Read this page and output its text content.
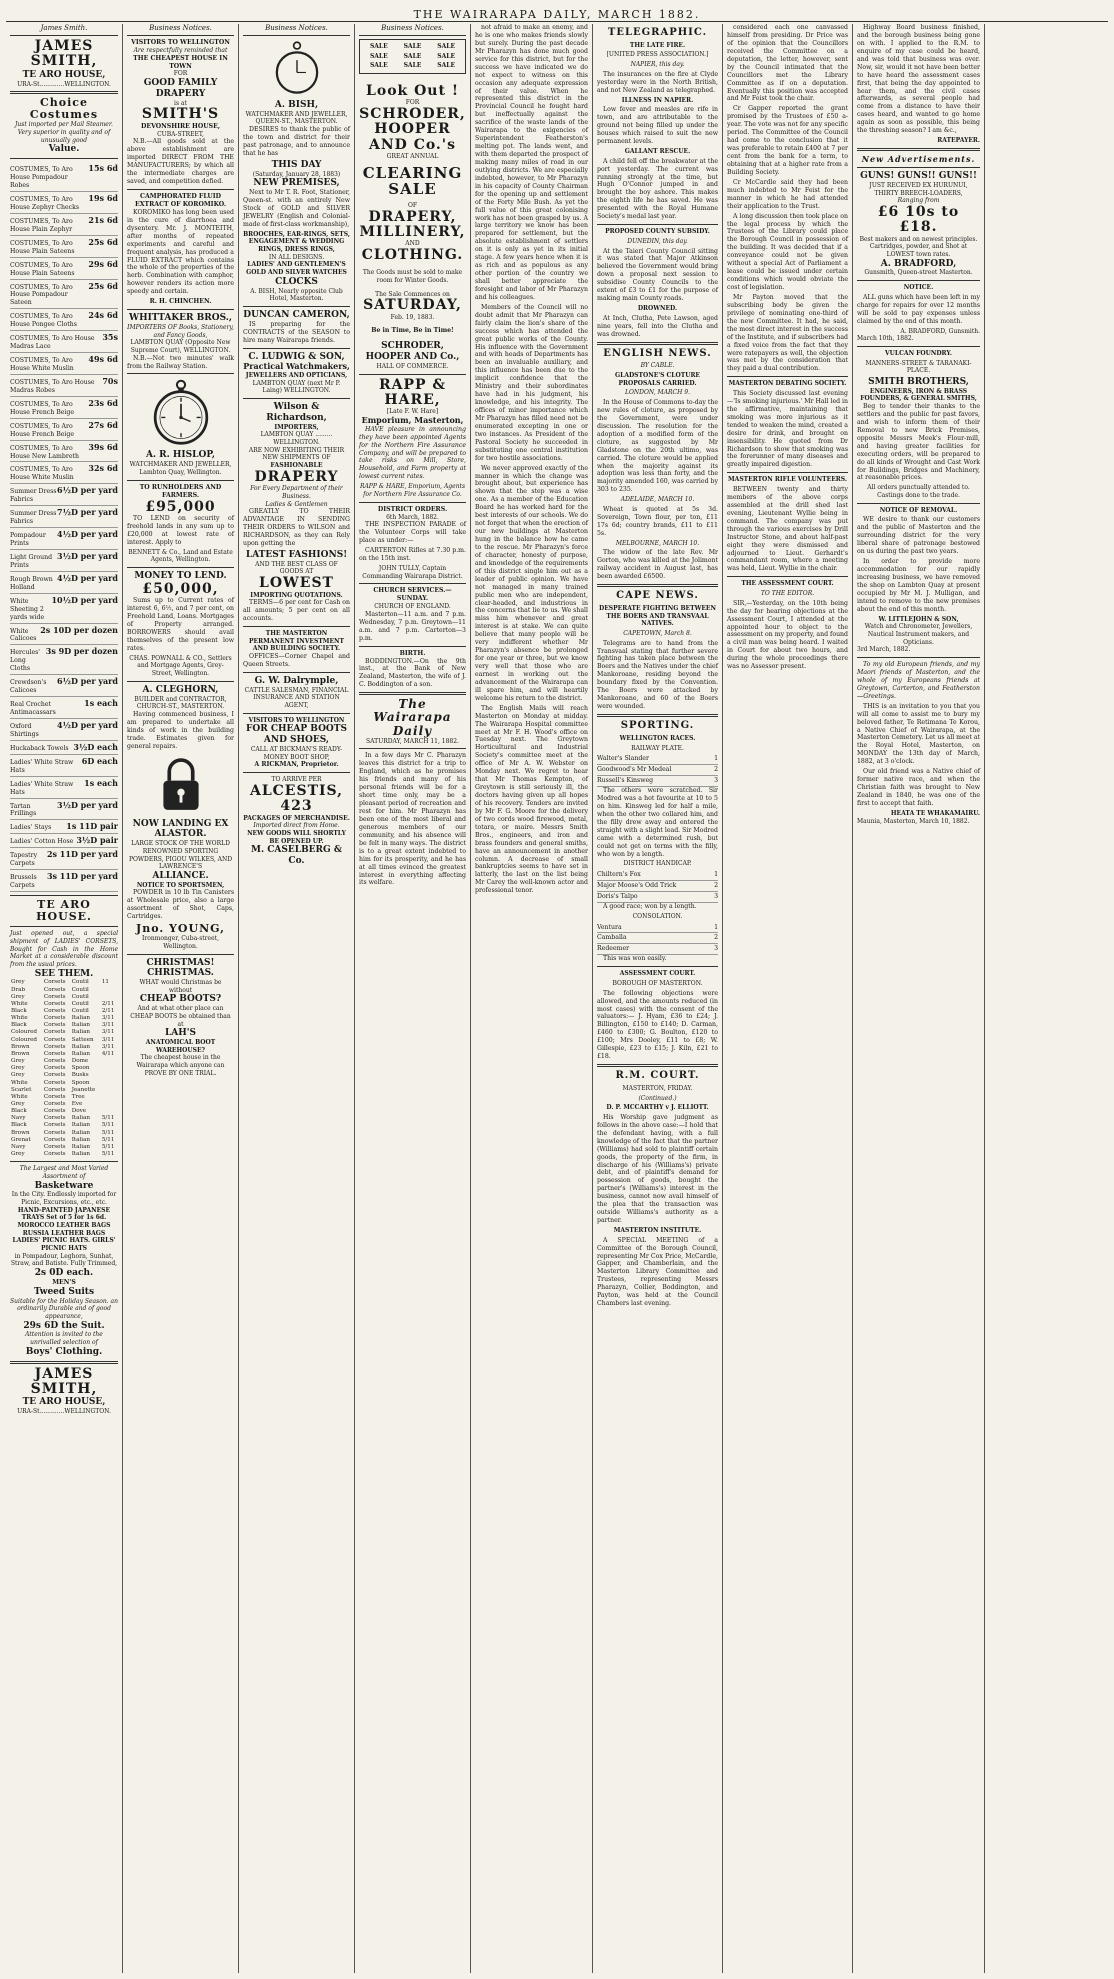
THE WAIRARAPA DAILY, MARCH 1882.
James Smith.
JAMES SMITH,
TE ARO HOUSE,
URA-St.............WELLINGTON.
Choice Costumes
Just imported per Mail Steamer.
Very superior in quality and of unusually good
Value.
COSTUMES, To Aro House Pompadour Robes
15s 6d
COSTUMES, To Aro House Zephyr Checks
19s 6d
COSTUMES, To Aro House Plain Zephyr
21s 6d
COSTUMES, To Aro House Plain Sateens
25s 6d
COSTUMES, To Aro House Plain Sateens
29s 6d
COSTUMES, To Aro House Pompadour Sateen
25s 6d
COSTUMES, To Aro House Pongee Cloths
24s 6d
COSTUMES, To Aro House Madras Lace
35s
COSTUMES, To Aro House White Muslin
49s 6d
COSTUMES, To Aro House Madras Robes
70s
COSTUMES, To Aro House French Beige
23s 6d
COSTUMES, To Aro House French Beige
27s 6d
COSTUMES, To Aro House New Lambreth
39s 6d
COSTUMES, To Aro House White Muslin
32s 6d
Summer Dress Fabrics
6½D per yard
Summer Dress Fabrics
7½D per yard
Pompadour Prints
4½D per yard
Light Ground Prints
3½D per yard
Rough Brown Holland
4½D per yard
White Sheeting 2 yards wide
10½D per yard
White Calicoes
2s 10D per dozen
Hercules' Long Cloths
3s 9D per dozen
Crewdson's Calicoes
6½D per yard
Real Crochet Antimacassars
1s each
Oxford Shirtings
4½D per yard
Huckaback Towels 3½D each
Ladies' White Straw Hats
6D each
Ladies' White Straw Hats
1s each
Tartan Frillings
3½D per yard
Ladies' Stays 1s 11D pair
Ladies' Cotton Hose 3½D pair
Tapestry Carpets
2s 11D per yard
Brussels Carpets
3s 11D per yard
TE ARO HOUSE.
Just opened out, a special shipment of LADIES' CORSETS, Bought for Cash in the Home Market at a considerable discount from the usual prices.
SEE THEM.
Grey	Corsets	Coutil	11
Drab	Corsets	Coutil	
Grey	Corsets	Coutil	
White	Corsets	Coutil	2/11
Black	Corsets	Coutil	2/11
White	Corsets	Italian	3/11
Black	Corsets	Italian	3/11
Coloured	Corsets	Italian	3/11
Coloured	Corsets	Satteen	3/11
Brown	Corsets	Italian	3/11
Brown	Corsets	Italian	4/11
Grey	Corsets	Dome	
Grey	Corsets	Spoon	
Grey	Corsets	Busks	
White	Corsets	Spoon	
Scarlet	Corsets	Jeanette	
White	Corsets	Tree	
Grey	Corsets	Eve	
Black	Corsets	Dove	
Navy	Corsets	Italian	5/11
Black	Corsets	Italian	5/11
Brown	Corsets	Italian	5/11
Grenat	Corsets	Italian	5/11
Navy	Corsets	Italian	5/11
Grey	Corsets	Italian	5/11
The Largest and Most Varied Assortment of
Basketware
In the City. Endlessly imported for Picnic, Excursions, etc., etc.
HAND-PAINTED JAPANESE TRAYS Set of 5 for 1s 6d.
MOROCCO LEATHER BAGS RUSSIA LEATHER BAGS
LADIES' PICNIC HATS. GIRLS' PICNIC HATS
in Pompadour, Leghorn, Sunhat, Straw, and Batiste. Fully Trimmed,
2s 0D each.
MEN'S
Tweed Suits
Suitable for the Holiday Season. an ordinarily Durable and of good appearance,
29s 6D the Suit.
Attention is invited to the unrivalled selection of
Boys' Clothing.
JAMES SMITH,
TE ARO HOUSE,
URA-St.............WELLINGTON.
Business Notices.
VISITORS TO WELLINGTON
Are respectfully reminded that
THE CHEAPEST HOUSE IN TOWN
FOR
GOOD FAMILY DRAPERY
is at
SMITH'S
DEVONSHIRE HOUSE,
CUBA-STREET,
N.B.—All goods sold at the above establishment are imported DIRECT FROM THE MANUFACTURERS; by which all the intermediate charges are saved, and competition defied.
CAMPHORATED FLUID EXTRACT OF KOROMIKO.
KOROMIKO has long been used in the cure of diarrhoea and dysentery. Mr. J. MONTEITH, after months of repeated experiments and careful and frequent analysis, has produced a FLUID EXTRACT which contains the whole of the properties of the herb. Combination with camphor, however renders its action more speedy and certain.
R. H. CHINCHEN.
WHITTAKER BROS.,
IMPORTERS OF Books, Stationery, and Fancy Goods,
LAMBTON QUAY (Opposite New Supreme Court), WELLINGTON.
N.B.—Not two minutes' walk from the Railway Station.
A. R. HISLOP,
WATCHMAKER AND JEWELLER, Lambton Quay, Wellington.
TO RUNHOLDERS AND FARMERS.
£95,000
TO LEND on security of freehold lands in any sum up to £20,000 at lowest rate of interest. Apply to
BENNETT & Co., Land and Estate Agents, Wellington.
MONEY TO LEND.
£50,000,
Sums up to Current rates of interest 6, 6½, and 7 per cent, on Freehold Land, Loans. Mortgages of Property arranged. BORROWERS should avail themselves of the present low rates.
CHAS. POWNALL & CO., Settlers and Mortgage Agents, Grey-Street, Wellington.
A. CLEGHORN,
BUILDER and CONTRACTOR, CHURCH-ST., MASTERTON.
Having commenced business, I am prepared to undertake all kinds of work in the building trade. Estimates given for general repairs.
NOW LANDING EX ALASTOR.
LARGE STOCK OF THE WORLD RENOWNED SPORTING POWDERS, PIGOU WILKES, AND LAWRENCE'S
ALLIANCE.
NOTICE TO SPORTSMEN,
POWDER in 10 lb Tin Canisters at Wholesale price, also a large assortment of Shot, Caps, Cartridges.
Jno. YOUNG,
Ironmonger, Cuba-street, Wellington.
CHRISTMAS! CHRISTMAS.
WHAT would Christmas be without
CHEAP BOOTS?
And at what other place can CHEAP BOOTS be obtained than at
LAH'S
ANATOMICAL BOOT WAREHOUSE?
The cheapest house in the Wairarapa which anyone can PROVE BY ONE TRIAL.
Business Notices.
A. BISH,
WATCHMAKER AND JEWELLER,
QUEEN-ST., MASTERTON.
DESIRES to thank the public of the town and district for their past patronage, and to announce that he has
THIS DAY
(Saturday, January 28, 1883)
NEW PREMISES,
Next to Mr T. R. Foot, Stationer, Queen-st. with an entirely New Stock of GOLD and SILVER JEWELRY (English and Colonial-made of first-class workmanship),
BROOCHES, EAR-RINGS, SETS,
ENGAGEMENT & WEDDING RINGS, DRESS RINGS,
IN ALL DESIGNS.
LADIES' AND GENTLEMEN'S GOLD AND SILVER WATCHES
CLOCKS
A. BISH, Nearly opposite Club Hotel, Masterton.
DUNCAN CAMERON,
IS preparing for the CONTRACTS of the SEASON to hire many Wairarapa friends.
C. LUDWIG & SON,
Practical Watchmakers,
JEWELLERS AND OPTICIANS,
LAMBTON QUAY (next Mr P. Laing) WELLINGTON.
Wilson & Richardson,
IMPORTERS,
LAMBTON QUAY ......... WELLINGTON.
ARE NOW EXHIBITING THEIR NEW SHIPMENTS OF
FASHIONABLE
DRAPERY
For Every Department of their Business.
Ladies & Gentlemen
GREATLY TO THEIR ADVANTAGE IN SENDING THEIR ORDERS to WILSON and RICHARDSON, as they can Rely upon getting the
LATEST FASHIONS!
AND THE BEST CLASS OF GOODS AT
LOWEST
IMPORTING QUOTATIONS.
TERMS—6 per cent for Cash on all amounts; 5 per cent on all accounts.
THE MASTERTON PERMANENT INVESTMENT AND BUILDING SOCIETY.
OFFICES—Corner Chapel and Queen Streets.
G. W. Dalrymple,
CATTLE SALESMAN, FINANCIAL INSURANCE AND STATION AGENT,
VISITORS TO WELLINGTON
FOR CHEAP BOOTS AND SHOES,
CALL AT BICKMAN'S READY-MONEY BOOT SHOP,
A RICKMAN, Proprietor.
TO ARRIVE PER
ALCESTIS,
423
PACKAGES OF MERCHANDISE.
Imported direct from Home.
NEW GOODS WILL SHORTLY BE OPENED UP.
M. CASELBERG & Co.
Business Notices.
SALE	SALE	SALE
SALE	SALE	SALE
SALE	SALE	SALE
Look Out !
FOR
SCHRODER,
HOOPER
AND Co.'s
GREAT ANNUAL
CLEARING SALE
OF
DRAPERY,
MILLINERY,
AND
CLOTHING.
The Goods must be sold to make room for Winter Goods.
The Sale Commences on
SATURDAY,
Feb. 19, 1883.
Be in Time, Be in Time!
SCHRODER, HOOPER AND Co.,
HALL OF COMMERCE.
RAPP & HARE,
[Late F. W. Hare]
Emporium, Masterton,
HAVE pleasure in announcing they have been appointed Agents for the Northern Fire Assurance Company, and will be prepared to take risks on Mill, Store, Household, and Farm property at lowest current rates.
RAPP & HARE, Emporium, Agents for Northern Fire Assurance Co.
DISTRICT ORDERS.
6th March, 1882.
THE INSPECTION PARADE of the Volunteer Corps will take place as under:—
CARTERTON Rifles at 7.30 p.m. on the 15th inst.
JOHN TULLY, Captain Commanding Wairarapa District.
CHURCH SERVICES.—SUNDAY.
CHURCH OF ENGLAND.
Masterton—11 a.m. and 7 p.m. Wednesday, 7 p.m. Greytown—11 a.m. and 7 p.m. Carterton—3 p.m.
BIRTH.
BODDINGTON.—On the 9th inst., at the Bank of New Zealand, Masterton, the wife of J. C. Boddington of a son.
The Wairarapa Daily
SATURDAY, MARCH 11, 1882.
In a few days Mr C. Pharazyn leaves this district for a trip to England, which as he promises his friends and many of his personal friends will be for a short time only, may be a pleasant period of recreation and rest for him. Mr Pharazyn has been one of the most liberal and generous members of our community, and his absence will be felt in many ways. The district is to a great extent indebted to him for its prosperity, and he has at all times evinced the greatest interest in everything affecting its welfare.
not afraid to make an enemy, and he is one who makes friends slowly but surely. During the past decade Mr Pharazyn has done much good service for this district, but for the success we have indicated we do not expect to witness on this occasion any adequate expression of their value. When he represented this district in the Provincial Council he fought hard but ineffectually against the sacrifice of the waste lands of the Wairarapa to the exigencies of Superintendent Featherston's melting pot. The lands went, and with them departed the prospect of making many miles of road in our outlying districts. We are especially indebted, however, to Mr Pharazyn in his capacity of County Chairman for the opening up and settlement of the Forty Mile Bush. As yet the full value of this great colonising work has not been grasped by us. A large territory we know has been prepared for settlement, but the absolute establishment of settlers on it is only as yet in its initial stage. A few years hence when it is as rich and as populous as any other portion of the country we shall better appreciate the foresight and labor of Mr Pharazyn and his colleagues.
Members of the Council will no doubt admit that Mr Pharazyn can fairly claim the lion's share of the success which has attended the great public works of the County. His influence with the Government and with heads of Departments has been an invaluable auxiliary, and this influence has been due to the implicit confidence that the Ministry and their subordinates have had in his judgment, his knowledge, and his integrity. The offices of minor importance which Mr Pharazyn has filled need not be enumerated excepting in one or two instances. As President of the Pastoral Society he succeeded in substituting one central institution for two hostile associations.
We never approved exactly of the manner in which the change was brought about, but experience has shown that the step was a wise one. As a member of the Education Board he has worked hard for the best interests of our schools. We do not forget that when the erection of our new buildings at Masterton hung in the balance how he came to the rescue. Mr Pharazyn's force of character, honesty of purpose, and knowledge of the requirements of this district single him out as a leader of public opinion. We have not managed in many trained public men who are independent, clear-headed, and industrious in the concerns that lie to us. We shall miss him whenever and great interest is at stake. We can quite believe that many people will be very indifferent whether Mr Pharazyn's absence be prolonged for one year or three, but we know very well that those who are earnest in working out the advancement of the Wairarapa can ill spare him, and will heartily welcome his return to the district.
The English Mails will reach Masterton on Monday at midday. The Wairarapa Hospital committee meet at Mr F. H. Wood's office on Tuesday next. The Greytown Horticultural and Industrial Society's committee meet at the office of Mr A. W. Webster on Monday next. We regret to hear that Mr Thomas Kempton, of Greytown is still seriously ill, the doctors having given up all hopes of his recovery. Tenders are invited by Mr F. G. Moore for the delivery of two cords wood firewood, metal, totara, or maire. Messrs Smith Bros., engineers, and iron and brass founders and general smiths, have an announcement in another column. A decrease of small bankruptcies seems to have set in latterly, the last on the list being Mr Carey the well-known actor and professional tenor.
TELEGRAPHIC.
THE LATE FIRE.
[UNITED PRESS ASSOCIATION.]
NAPIER, this day.
The insurances on the fire at Clyde yesterday were in the North British, and not New Zealand as telegraphed.
ILLNESS IN NAPIER.
Low fever and measles are rife in town, and are attributable to the ground not being filled up under the houses which raised to suit the new permanent levels.
GALLANT RESCUE.
A child fell off the breakwater at the port yesterday. The current was running strongly at the time, but Hugh O'Connor jumped in and brought the boy ashore. This makes the eighth life he has saved. He was presented with the Royal Humane Society's medal last year.
PROPOSED COUNTY SUBSIDY.
DUNEDIN, this day.
At the Taieri County Council sitting it was stated that Major Atkinson believed the Government would bring down a proposal next session to subsidise County Councils to the extent of £3 to £1 for the purpose of making main County roads.
DROWNED.
At Inch, Clutha, Pete Lawson, aged nine years, fell into the Clutha and was drowned.
ENGLISH NEWS.
BY CABLE.
GLADSTONE'S CLOTURE PROPOSALS CARRIED.
LONDON, MARCH 9.
In the House of Commons to-day the new rules of cloture, as proposed by the Government, were under discussion. The resolution for the adoption of a modified form of the cloture, as suggested by Mr Gladstone on the 20th ultimo, was carried. The cloture would be applied when the majority against its adoption was less than forty, and the majority amended 160, was carried by 303 to 235.
ADELAIDE, MARCH 10.
Wheat is quoted at 5s 3d. Sovereign, Town flour, per ton, £11 17s 6d; country brands, £11 to £11 5s.
MELBOURNE, MARCH 10.
The widow of the late Rev. Mr Gorton, who was killed at the Jolimont railway accident in August last, has been awarded £6500.
CAPE NEWS.
DESPERATE FIGHTING BETWEEN THE BOERS AND TRANSVAAL NATIVES.
CAPETOWN, March 8.
Telegrams are to hand from the Transvaal stating that further severe fighting has taken place between the Boers and the Natives under the chief Mankoroane, residing beyond the boundary fixed by the Convention. The Boers were attacked by Mankoroane, and 60 of the Boers were wounded.
SPORTING.
WELLINGTON RACES.
RAILWAY PLATE.
Walter's Slander	1
Goodwood's Mr Medeal	2
Russell's Kinsweg	3
The others were scratched. Sir Modred was a hot favourite at 10 to 5 on him. Kinsweg led for half a mile, when the other two collared him, and the filly drew away and entered the straight with a slight lead. Sir Modred came with a determined rush, but could not get on terms with the filly, who won by a length.
DISTRICT HANDICAP.
Chiltern's Fox	1
Major Moose's Odd Trick	2
Doris's Talpo	3
A good race; won by a length.
CONSOLATION.
Ventura	1
Camballa	2
Redeemer	3
This was won easily.
ASSESSMENT COURT.
BOROUGH OF MASTERTON.
The following objections were allowed, and the amounts reduced (in most cases) with the consent of the valuators:— J. Hyam, £36 to £24; J. Billington, £150 to £140; D. Carman, £460 to £300; G. Boulton, £120 to £100; Mrs Dooley, £11 to £8; W. Gillespie, £23 to £15; J. Kiln, £21 to £18.
R.M. COURT.
MASTERTON, FRIDAY.
(Continued.)
D. P. MCCARTHY v J. ELLIOTT.
His Worship gave judgment as follows in the above case:—I hold that the defendant having, with a full knowledge of the fact that the partner (Williams) had sold to plaintiff certain goods, the property of the firm, in discharge of his (Williams's) private debt, and of plaintiff's demand for possession of goods, bought the partner's (Williams's) interest in the business, cannot now avail himself of the plea that the transaction was outside Williams's authority as a partner.
MASTERTON INSTITUTE.
A SPECIAL MEETING of a Committee of the Borough Council, representing Mr Cox Price, McCardle, Gapper, and Chamberlain, and the Masterton Library Committee and Trustees, representing Messrs Pharazyn, Collier, Boddington, and Payton, was held at the Council Chambers last evening.
considered each one canvassed himself from presiding. Dr Price was of the opinion that the Councillors received the Committee on a deputation, the letter, however, sent by the Council intimated that the Councillors met the Library Committee as if on a deputation. Eventually this position was accepted and Mr Feist took the chair.
Cr Gapper reported the grant promised by the Trustees of £50 a-year. The vote was not for any specific period. The Committee of the Council had come to the conclusion that it was preferable to retain £400 at 7 per cent from the bank for a term, to obtaining that at a higher rate from a Building Society.
Cr McCardle said they had been much indebted to Mr Feist for the manner in which he had attended their application to the Trust.
A long discussion then took place on the legal process by which the Trustees of the Library could place the Borough Council in possession of the building. It was decided that if a conveyance could not be given without a special Act of Parliament a lease could be issued under certain conditions which would obviate the cost of legislation.
Mr Payton moved that the subscribing body be given the privilege of nominating one-third of the new Committee. It had, he said, the most direct interest in the success of the Institute, and if subscribers had a fixed voice from the fact that they were ratepayers as well, the objection was met by the consideration that they paid a dual contribution.
MASTERTON DEBATING SOCIETY.
This Society discussed last evening—'Is smoking injurious.' Mr Hall led in the affirmative, maintaining that smoking was more injurious as it tended to weaken the mind, created a desire for drink, and brought on insensibility. He quoted from Dr Richardson to show that smoking was the forerunner of many diseases and greatly impaired digestion.
MASTERTON RIFLE VOLUNTEERS.
BETWEEN twenty and thirty members of the above corps assembled at the drill shed last evening, Lieutenant Wyllie being in command. The company was put through the various exercises by Drill Instructor Stone, and about half-past eight they were dismissed and adjourned to Lieut. Gerhardt's commandant room, where a meeting was held, Lieut. Wyllie in the chair.
THE ASSESSMENT COURT.
TO THE EDITOR.
SIR,—Yesterday, on the 10th being the day for hearing objections at the Assessment Court, I attended at the appointed hour to object to the assessment on my property, and found a civil man was being heard. I waited in Court for about two hours, and during the whole proceedings there was no Assessor present.
Highway Board business finished, and the borough business being gone on with. I applied to the R.M. to enquire of my case could be heard, and was told that business was over. Now, sir, would it not have been better to have heard the assessment cases first, that being the day appointed to hear them, and the civil cases afterwards, as several people had come from a distance to have their cases heard, and wanted to go home again as soon as possible, this being the threshing season? I am &c.,
RATEPAYER.
New Advertisements.
GUNS! GUNS!! GUNS!!
JUST RECEIVED EX HURUNUI, THIRTY BREECH-LOADERS,
Ranging from
£6 10s to £18.
Best makers and on newest principles.
Cartridges, powder, and Shot at LOWEST town rates.
A. BRADFORD,
Gunsmith, Queen-street Masterton.
NOTICE.
ALL guns which have been left in my charge for repairs for over 12 months will be sold to pay expenses unless claimed by the end of this month.
A. BRADFORD, Gunsmith.
March 10th, 1882.
VULCAN FOUNDRY.
MANNERS-STREET & TARANAKI-PLACE.
SMITH BROTHERS,
ENGINEERS, IRON & BRASS FOUNDERS, & GENERAL SMITHS,
Beg to tender their thanks to the settlers and the public for past favors, and wish to inform them of their Removal to new Brick Premises, opposite Messrs Meek's Flour-mill, and having greater facilities for executing orders, will be prepared to do all kinds of Wrought and Cast Work for Buildings, Bridges and Machinery, at reasonable prices.
All orders punctually attended to. Castings done to the trade.
NOTICE OF REMOVAL.
WE desire to thank our customers and the public of Masterton and the surrounding district for the very liberal share of patronage bestowed on us during the past two years.
In order to provide more accommodation for our rapidly increasing business, we have removed the shop on Lambton Quay at present occupied by Mr M. J. Mulligan, and intend to remove to the new premises about the end of this month.
W. LITTLEJOHN & SON,
Watch and Chronometer, Jewellers, Nautical Instrument makers, and Opticians.
3rd March, 1882.
To my old European friends, and my Maori friends of Masterton, and the whole of my Europeans friends at Greytown, Carterton, and Featherston—Greetings.
THIS is an invitation to you that you will all come to assist me to bury my beloved father, Te Retimana Te Korou, a Native Chief of Wairarapa, at the Masterton Cemetery. Let us all meet at the Royal Hotel, Masterton, on MONDAY the 13th day of March, 1882, at 3 o'clock.
Our old friend was a Native chief of former native race, and when the Christian faith was brought to New Zealand in 1840, he was one of the first to accept that faith.
HEATA TE WHAKAMAIRU.
Maunia, Masterton, March 10, 1882.
